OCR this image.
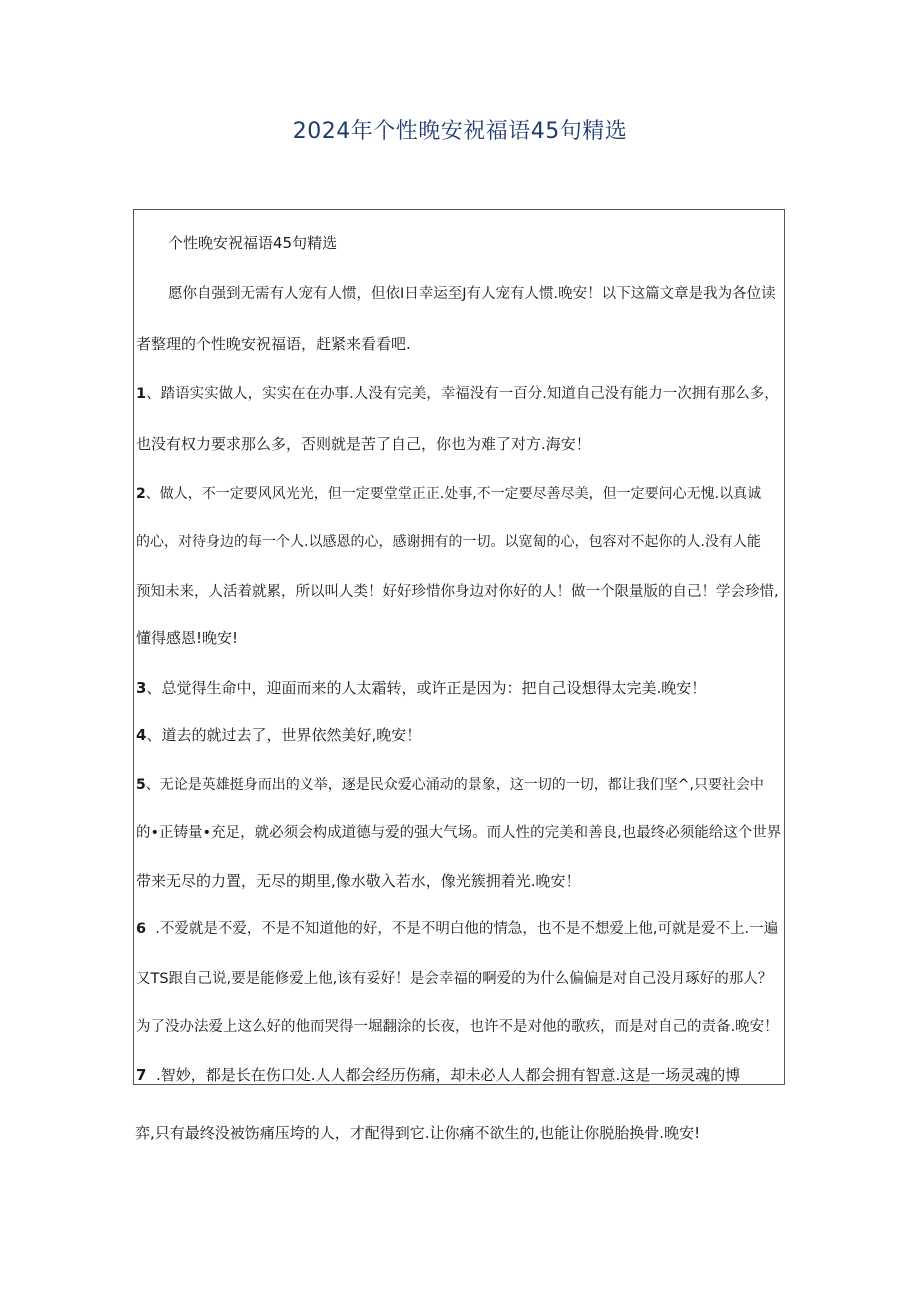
2024年个性晚安祝福语45句精选
个性晚安祝福语45句精选
愿你自强到无需有人宠有人惯，但依I日幸运至J有人宠有人惯.晚安！以下这篇文章是我为各位读
者整理的个性晚安祝福语，赶紧来看看吧.
1、踏语实实做人，实实在在办事.人没有完美，幸福没有一百分.知道自己没有能力一次拥有那么多，
也没有权力要求那么多，否则就是苦了自己，你也为难了对方.海安！
2、做人，不一定要风风光光，但一定要堂堂正正.处事,不一定要尽善尽美，但一定要问心无愧.以真诚
的心，对待身边的每一个人.以感恩的心，感谢拥有的一切。以宽匐的心，包容对不起你的人.没有人能
预知未来，人活着就累，所以叫人类！好好珍惜你身边对你好的人！做一个限量版的自己！学会珍惜,
懂得感恩!晚安!
3、总觉得生命中，迎面而来的人太霜转，或许正是因为：把自己设想得太完美.晚安！
4、道去的就过去了，世界依然美好,晚安！
5、无论是英雄挺身而出的义举，逐是民众爱心涌动的景象，这一切的一切，都让我们坚^,只要社会中
的•正铸量•充足，就必须会构成道德与爱的强大气场。而人性的完美和善良,也最终必须能给这个世界
带来无尽的力置，无尽的期里,像水敬入若水，像光簇拥着光.晚安！
6  .不爱就是不爱，不是不知道他的好，不是不明白他的情急，也不是不想爱上他,可就是爱不上.一遍
又TS跟自己说,要是能修爱上他,该有妥好！是会幸福的啊爱的为什么偏偏是对自己没月琢好的那人？
为了没办法爱上这么好的他而哭得一堀翻涂的长夜，也许不是对他的歌疚，而是对自己的责备.晚安！
7  .智妙，都是长在伤口处.人人都会经历伤痛，却未必人人都会拥有智意.这是一场灵魂的博
弈,只有最终没被饬痛压垮的人，才配得到它.让你痛不欲生的,也能让你脱胎换骨.晚安!
